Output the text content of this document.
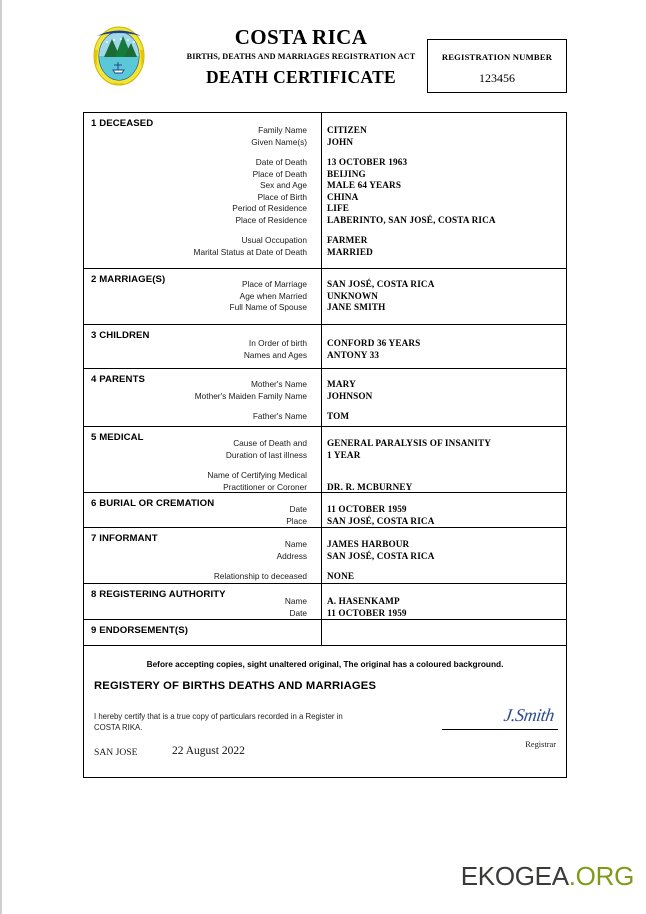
COSTA RICA
BIRTHS, DEATHS AND MARRIAGES REGISTRATION ACT
DEATH CERTIFICATE
REGISTRATION NUMBER
123456
1 DECEASED
Family Name	CITIZEN
Given Name(s)	JOHN
Date of Death	13 OCTOBER 1963
Place of Death	BEIJING
Sex and Age	MALE 64 YEARS
Place of Birth	CHINA
Period of Residence	LIFE
Place of Residence	LABERINTO, SAN JOSÉ, COSTA RICA
Usual Occupation	FARMER
Marital Status at Date of Death	MARRIED
2 MARRIAGE(S)	Place of Marriage	SAN JOSÉ, COSTA RICA
Age when Married	UNKNOWN
Full Name of Spouse	JANE SMITH
3 CHILDREN
In Order of birth	CONFORD 36 YEARS
Names and Ages	ANTONY 33
4 PARENTS	Mother's Name	MARY
Mother's Maiden Family Name	JOHNSON
Father's Name	TOM
5 MEDICAL	Cause of Death and	GENERAL PARALYSIS OF INSANITY
Duration of last illness	1 YEAR
Name of Certifying Medical
Practitioner or Coroner	DR. R. MCBURNEY
6 BURIAL OR CREMATION	Date	11 OCTOBER 1959
Place	SAN JOSÉ, COSTA RICA
7 INFORMANT	Name	JAMES HARBOUR
Address	SAN JOSÉ, COSTA RICA
Relationship to deceased	NONE
8 REGISTERING AUTHORITY
Name	A. HASENKAMP
Date	11 OCTOBER 1959
9 ENDORSEMENT(S)
Before accepting copies, sight unaltered original, The original has a coloured background.
REGISTERY OF BIRTHS DEATHS AND MARRIAGES
I hereby certify that is a true copy of particulars recorded in a Register in
COSTA RIKA.
SAN JOSE	22 August 2022
J.Smith
Registrar
EKOGEA.ORG
